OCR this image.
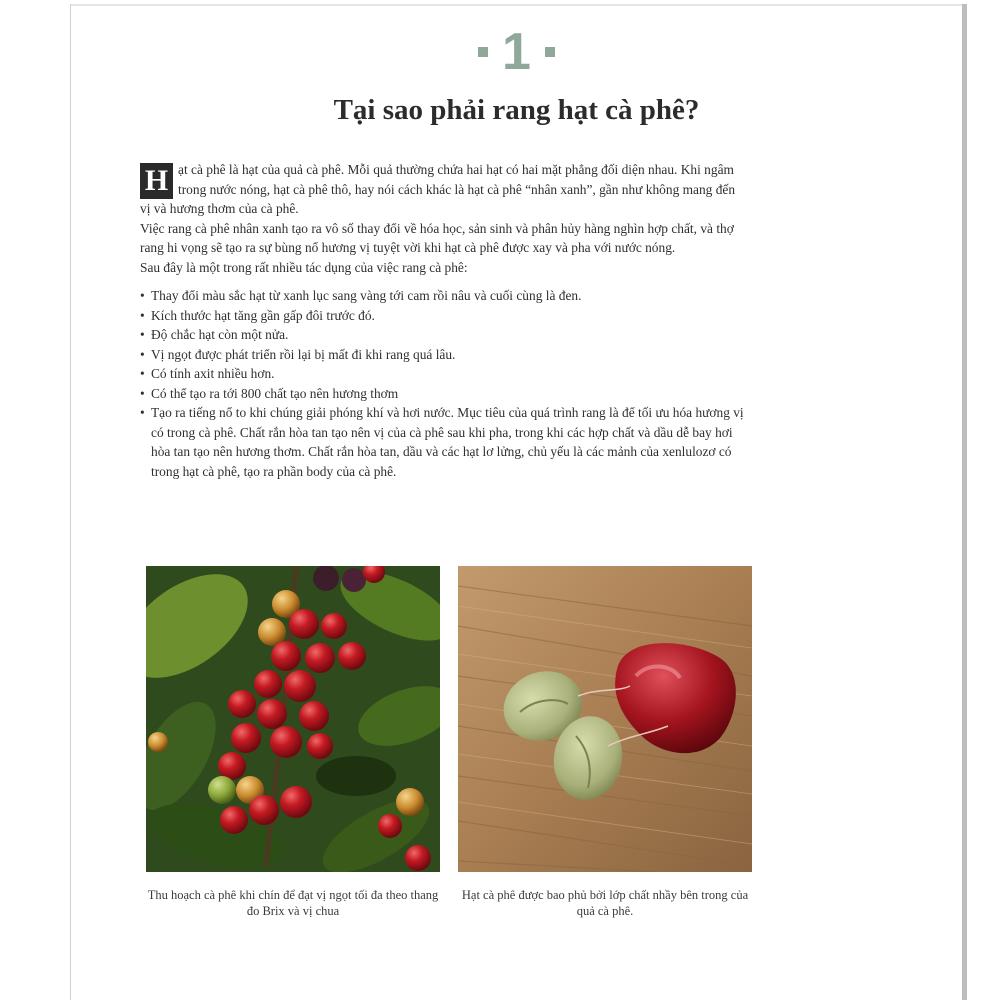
1
Tại sao phải rang hạt cà phê?

H ạt cà phê là hạt của quả cà phê. Mỗi quả thường chứa hai hạt có hai mặt phẳng đối diện nhau. Khi ngâm trong nước nóng, hạt cà phê thô, hay nói cách khác là hạt cà phê “nhân xanh”, gần như không mang đến vị và hương thơm của cà phê.

Việc rang cà phê nhân xanh tạo ra vô số thay đổi về hóa học, sản sinh và phân hủy hàng nghìn hợp chất, và thợ rang hi vọng sẽ tạo ra sự bùng nổ hương vị tuyệt vời khi hạt cà phê được xay và pha với nước nóng.

Sau đây là một trong rất nhiều tác dụng của việc rang cà phê:

• Thay đổi màu sắc hạt từ xanh lục sang vàng tới cam rồi nâu và cuối cùng là đen.
• Kích thước hạt tăng gần gấp đôi trước đó.
• Độ chắc hạt còn một nửa.
• Vị ngọt được phát triển rồi lại bị mất đi khi rang quá lâu.
• Có tính axit nhiều hơn.
• Có thể tạo ra tới 800 chất tạo nên hương thơm
• Tạo ra tiếng nổ to khi chúng giải phóng khí và hơi nước. Mục tiêu của quá trình rang là để tối ưu hóa hương vị có trong cà phê. Chất rắn hòa tan tạo nên vị của cà phê sau khi pha, trong khi các hợp chất và dầu dễ bay hơi hòa tan tạo nên hương thơm. Chất rắn hòa tan, dầu và các hạt lơ lửng, chủ yếu là các mảnh của xenlulozơ có trong hạt cà phê, tạo ra phần body của cà phê.
Thu hoạch cà phê khi chín để đạt vị ngọt tối đa theo thang đo Brix và vị chua
Hạt cà phê được bao phủ bởi lớp chất nhầy bên trong của quả cà phê.
